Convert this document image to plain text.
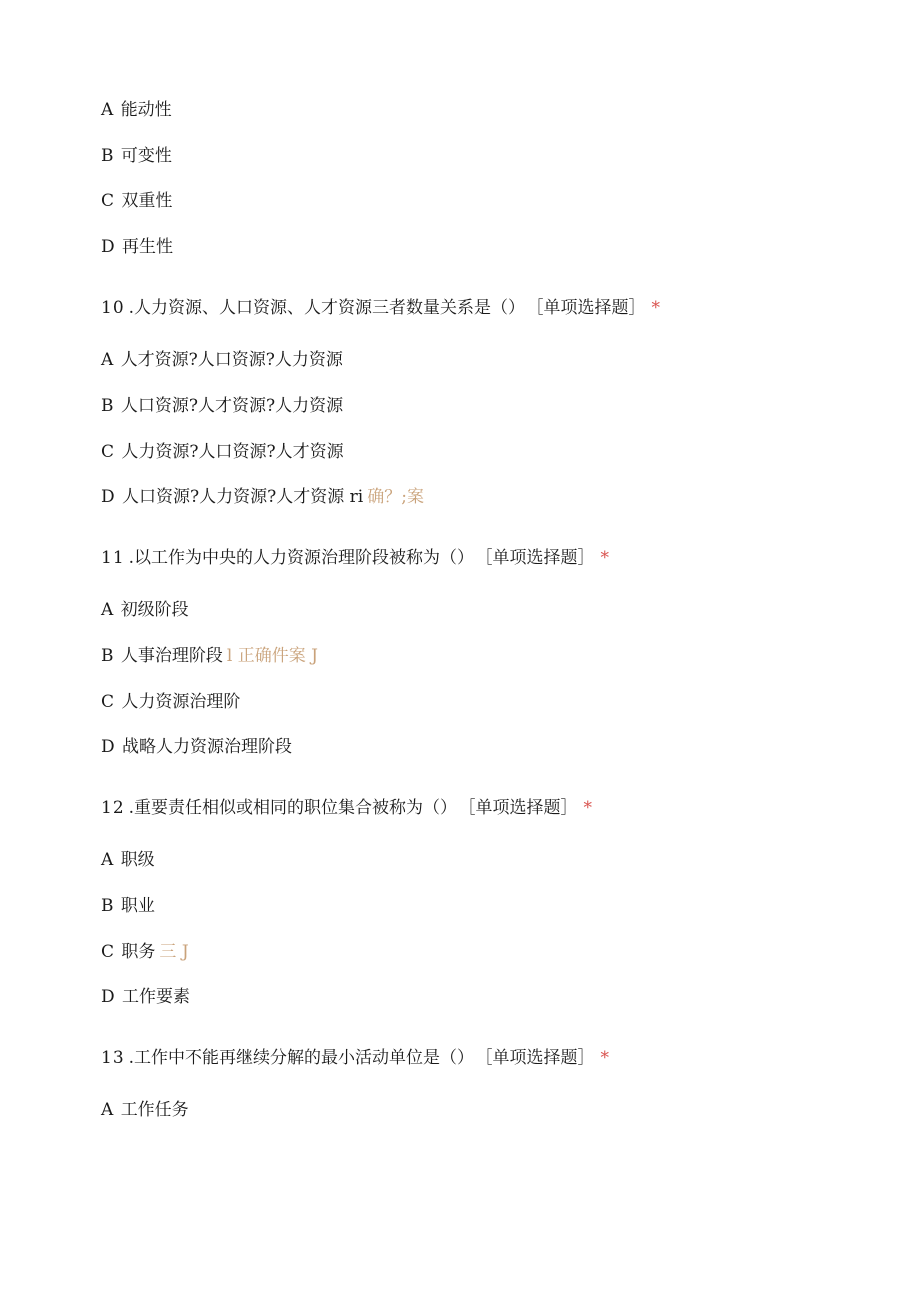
A 能动性
B 可变性
C 双重性
D 再生性
10 .人力资源、人口资源、人才资源三者数量关系是（） ［单项选择题］ *
A 人才资源?人口资源?人力资源
B 人口资源?人才资源?人力资源
C 人力资源?人口资源?人才资源
D 人口资源?人力资源?人才资源 ri 确？;案
11 .以工作为中央的人力资源治理阶段被称为（） ［单项选择题］ *
A 初级阶段
B 人事治理阶段 l 正确件案 J
C 人力资源治理阶
D 战略人力资源治理阶段
12 .重要责任相似或相同的职位集合被称为（） ［单项选择题］ *
A 职级
B 职业
C 职务 三 J
D 工作要素
13 .工作中不能再继续分解的最小活动单位是（） ［单项选择题］ *
A 工作任务
